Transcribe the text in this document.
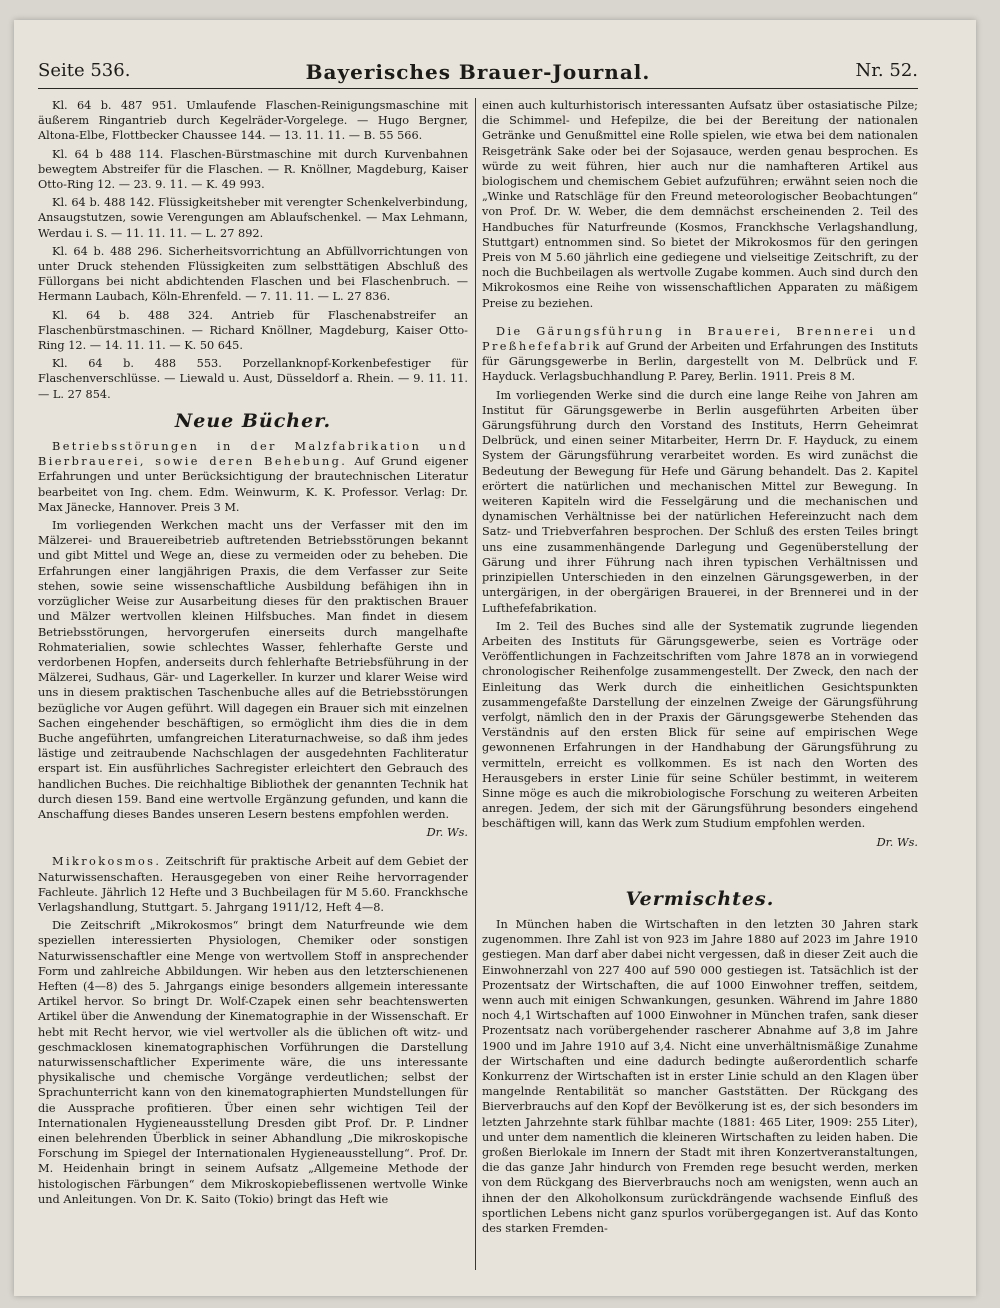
Seite 536.	Bayerisches Brauer-Journal.	Nr. 52.

Kl. 64 b. 487 951. Umlaufende Flaschen-Reinigungsmaschine mit äußerem Ringantrieb durch Kegelräder-Vorgelege. — Hugo Bergner, Altona-Elbe, Flottbecker Chaussee 144. — 13. 11. 11. — B. 55 566.

Kl. 64 b 488 114. Flaschen-Bürstmaschine mit durch Kurvenbahnen bewegtem Abstreifer für die Flaschen. — R. Knöllner, Magdeburg, Kaiser Otto-Ring 12. — 23. 9. 11. — K. 49 993.

Kl. 64 b. 488 142. Flüssigkeitsheber mit verengter Schenkelverbindung, Ansaugstutzen, sowie Verengungen am Ablaufschenkel. — Max Lehmann, Werdau i. S. — 11. 11. 11. — L. 27 892.

Kl. 64 b. 488 296. Sicherheitsvorrichtung an Abfüllvorrichtungen von unter Druck stehenden Flüssigkeiten zum selbsttätigen Abschluß des Füllorgans bei nicht abdichtenden Flaschen und bei Flaschenbruch. — Hermann Laubach, Köln-Ehrenfeld. — 7. 11. 11. — L. 27 836.

Kl. 64 b. 488 324. Antrieb für Flaschenabstreifer an Flaschenbürstmaschinen. — Richard Knöllner, Magdeburg, Kaiser Otto-Ring 12. — 14. 11. 11. — K. 50 645.

Kl. 64 b. 488 553. Porzellanknopf-Korkenbefestiger für Flaschenverschlüsse. — Liewald u. Aust, Düsseldorf a. Rhein. — 9. 11. 11. — L. 27 854.

Neue Bücher.

Betriebsstörungen in der Malzfabrikation und Bierbrauerei, sowie deren Behebung. Auf Grund eigener Erfahrungen und unter Berücksichtigung der brautechnischen Literatur bearbeitet von Ing. chem. Edm. Weinwurm, K. K. Professor. Verlag: Dr. Max Jänecke, Hannover. Preis 3 M.

Im vorliegenden Werkchen macht uns der Verfasser mit den im Mälzerei- und Brauereibetrieb auftretenden Betriebsstörungen bekannt und gibt Mittel und Wege an, diese zu vermeiden oder zu beheben. Die Erfahrungen einer langjährigen Praxis, die dem Verfasser zur Seite stehen, sowie seine wissenschaftliche Ausbildung befähigen ihn in vorzüglicher Weise zur Ausarbeitung dieses für den praktischen Brauer und Mälzer wertvollen kleinen Hilfsbuches. Man findet in diesem Betriebsstörungen, hervorgerufen einerseits durch mangelhafte Rohmaterialien, sowie schlechtes Wasser, fehlerhafte Gerste und verdorbenen Hopfen, anderseits durch fehlerhafte Betriebsführung in der Mälzerei, Sudhaus, Gär- und Lagerkeller. In kurzer und klarer Weise wird uns in diesem praktischen Taschenbuche alles auf die Betriebsstörungen bezügliche vor Augen geführt. Will dagegen ein Brauer sich mit einzelnen Sachen eingehender beschäftigen, so ermöglicht ihm dies die in dem Buche angeführten, umfangreichen Literaturnachweise, so daß ihm jedes lästige und zeitraubende Nachschlagen der ausgedehnten Fachliteratur erspart ist. Ein ausführliches Sachregister erleichtert den Gebrauch des handlichen Buches. Die reichhaltige Bibliothek der genannten Technik hat durch diesen 159. Band eine wertvolle Ergänzung gefunden, und kann die Anschaffung dieses Bandes unseren Lesern bestens empfohlen werden.

Dr. Ws.

Mikrokosmos. Zeitschrift für praktische Arbeit auf dem Gebiet der Naturwissenschaften. Herausgegeben von einer Reihe hervorragender Fachleute. Jährlich 12 Hefte und 3 Buchbeilagen für M 5.60. Franckhsche Verlagshandlung, Stuttgart. 5. Jahrgang 1911/12, Heft 4—8.

Die Zeitschrift „Mikrokosmos“ bringt dem Naturfreunde wie dem speziellen interessierten Physiologen, Chemiker oder sonstigen Naturwissenschaftler eine Menge von wertvollem Stoff in ansprechender Form und zahlreiche Abbildungen. Wir heben aus den letzterschienenen Heften (4—8) des 5. Jahrgangs einige besonders allgemein interessante Artikel hervor. So bringt Dr. Wolf-Czapek einen sehr beachtenswerten Artikel über die Anwendung der Kinematographie in der Wissenschaft. Er hebt mit Recht hervor, wie viel wertvoller als die üblichen oft witz- und geschmacklosen kinematographischen Vorführungen die Darstellung naturwissenschaftlicher Experimente wäre, die uns interessante physikalische und chemische Vorgänge verdeutlichen; selbst der Sprachunterricht kann von den kinematographierten Mundstellungen für die Aussprache profitieren. Über einen sehr wichtigen Teil der Internationalen Hygieneausstellung Dresden gibt Prof. Dr. P. Lindner einen belehrenden Überblick in seiner Abhandlung „Die mikroskopische Forschung im Spiegel der Internationalen Hygieneausstellung“. Prof. Dr. M. Heidenhain bringt in seinem Aufsatz „Allgemeine Methode der histologischen Färbungen“ dem Mikroskopiebeflissenen wertvolle Winke und Anleitungen. Von Dr. K. Saito (Tokio) bringt das Heft wie

einen auch kulturhistorisch interessanten Aufsatz über ostasiatische Pilze; die Schimmel- und Hefepilze, die bei der Bereitung der nationalen Getränke und Genußmittel eine Rolle spielen, wie etwa bei dem nationalen Reisgetränk Sake oder bei der Sojasauce, werden genau besprochen. Es würde zu weit führen, hier auch nur die namhafteren Artikel aus biologischem und chemischem Gebiet aufzuführen; erwähnt seien noch die „Winke und Ratschläge für den Freund meteorologischer Beobachtungen“ von Prof. Dr. W. Weber, die dem demnächst erscheinenden 2. Teil des Handbuches für Naturfreunde (Kosmos, Franckhsche Verlagshandlung, Stuttgart) entnommen sind. So bietet der Mikrokosmos für den geringen Preis von M 5.60 jährlich eine gediegene und vielseitige Zeitschrift, zu der noch die Buchbeilagen als wertvolle Zugabe kommen. Auch sind durch den Mikrokosmos eine Reihe von wissenschaftlichen Apparaten zu mäßigem Preise zu beziehen.

Die Gärungsführung in Brauerei, Brennerei und Preßhefefabrik auf Grund der Arbeiten und Erfahrungen des Instituts für Gärungsgewerbe in Berlin, dargestellt von M. Delbrück und F. Hayduck. Verlagsbuchhandlung P. Parey, Berlin. 1911. Preis 8 M.

Im vorliegenden Werke sind die durch eine lange Reihe von Jahren am Institut für Gärungsgewerbe in Berlin ausgeführten Arbeiten über Gärungsführung durch den Vorstand des Instituts, Herrn Geheimrat Delbrück, und einen seiner Mitarbeiter, Herrn Dr. F. Hayduck, zu einem System der Gärungsführung verarbeitet worden. Es wird zunächst die Bedeutung der Bewegung für Hefe und Gärung behandelt. Das 2. Kapitel erörtert die natürlichen und mechanischen Mittel zur Bewegung. In weiteren Kapiteln wird die Fesselgärung und die mechanischen und dynamischen Verhältnisse bei der natürlichen Hefereinzucht nach dem Satz- und Triebverfahren besprochen. Der Schluß des ersten Teiles bringt uns eine zusammenhängende Darlegung und Gegenüberstellung der Gärung und ihrer Führung nach ihren typischen Verhältnissen und prinzipiellen Unterschieden in den einzelnen Gärungsgewerben, in der untergärigen, in der obergärigen Brauerei, in der Brennerei und in der Lufthefefabrikation.

Im 2. Teil des Buches sind alle der Systematik zugrunde liegenden Arbeiten des Instituts für Gärungsgewerbe, seien es Vorträge oder Veröffentlichungen in Fachzeitschriften vom Jahre 1878 an in vorwiegend chronologischer Reihenfolge zusammengestellt. Der Zweck, den nach der Einleitung das Werk durch die einheitlichen Gesichtspunkten zusammengefaßte Darstellung der einzelnen Zweige der Gärungsführung verfolgt, nämlich den in der Praxis der Gärungsgewerbe Stehenden das Verständnis auf den ersten Blick für seine auf empirischen Wege gewonnenen Erfahrungen in der Handhabung der Gärungsführung zu vermitteln, erreicht es vollkommen. Es ist nach den Worten des Herausgebers in erster Linie für seine Schüler bestimmt, in weiterem Sinne möge es auch die mikrobiologische Forschung zu weiteren Arbeiten anregen. Jedem, der sich mit der Gärungsführung besonders eingehend beschäftigen will, kann das Werk zum Studium empfohlen werden.

Dr. Ws.
Vermischtes.

In München haben die Wirtschaften in den letzten 30 Jahren stark zugenommen. Ihre Zahl ist von 923 im Jahre 1880 auf 2023 im Jahre 1910 gestiegen. Man darf aber dabei nicht vergessen, daß in dieser Zeit auch die Einwohnerzahl von 227 400 auf 590 000 gestiegen ist. Tatsächlich ist der Prozentsatz der Wirtschaften, die auf 1000 Einwohner treffen, seitdem, wenn auch mit einigen Schwankungen, gesunken. Während im Jahre 1880 noch 4,1 Wirtschaften auf 1000 Einwohner in München trafen, sank dieser Prozentsatz nach vorübergehender rascherer Abnahme auf 3,8 im Jahre 1900 und im Jahre 1910 auf 3,4. Nicht eine unverhältnismäßige Zunahme der Wirtschaften und eine dadurch bedingte außerordentlich scharfe Konkurrenz der Wirtschaften ist in erster Linie schuld an den Klagen über mangelnde Rentabilität so mancher Gaststätten. Der Rückgang des Bierverbrauchs auf den Kopf der Bevölkerung ist es, der sich besonders im letzten Jahrzehnte stark fühlbar machte (1881: 465 Liter, 1909: 255 Liter), und unter dem namentlich die kleineren Wirtschaften zu leiden haben. Die großen Bierlokale im Innern der Stadt mit ihren Konzertveranstaltungen, die das ganze Jahr hindurch von Fremden rege besucht werden, merken von dem Rückgang des Bierverbrauchs noch am wenigsten, wenn auch an ihnen der den Alkoholkonsum zurückdrängende wachsende Einfluß des sportlichen Lebens nicht ganz spurlos vorübergegangen ist. Auf das Konto des starken Fremden-
